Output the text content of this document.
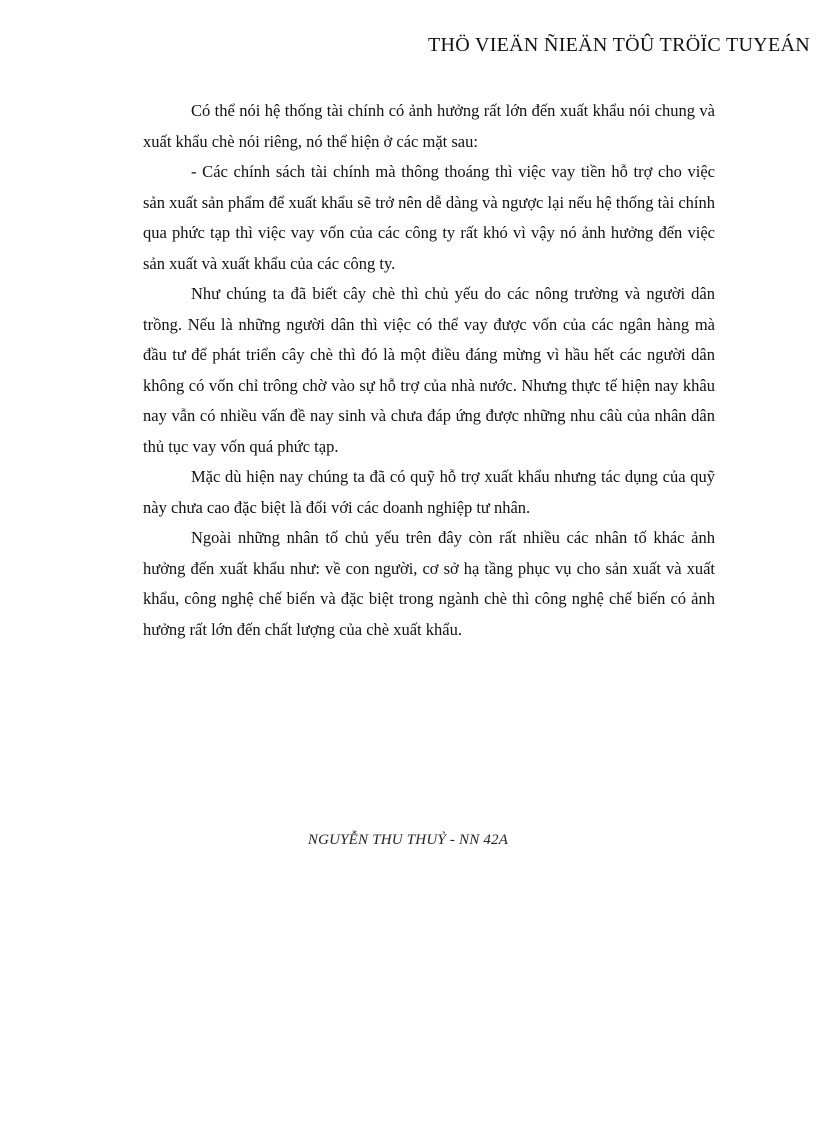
THÖ VIEÄN ÑIEÄN TÖÛ TRÖÏC TUYEÁN

Có thể nói hệ thống tài chính có ảnh hưởng rất lớn đến xuất khẩu nói chung và xuất khẩu chè nói riêng, nó thể hiện ở các mặt sau:

- Các chính sách tài chính mà thông thoáng thì việc vay tiền hỗ trợ cho việc sản xuất sản phẩm để xuất khẩu sẽ trở nên dễ dàng và ngược lại nếu hệ thống tài chính qua phức tạp thì việc vay vốn của các công ty rất khó vì vậy nó ảnh hưởng đến việc sản xuất và xuất khẩu của các công ty.

Như chúng ta đã biết cây chè thì chủ yếu do các nông trường và người dân trồng. Nếu là những người dân thì việc có thể vay được vốn của các ngân hàng mà đầu tư để phát triển cây chè thì đó là một điều đáng mừng vì hầu hết các người dân không có vốn chỉ trông chờ vào sự hỗ trợ của nhà nước. Nhưng thực tế hiện nay khâu nay vẫn có nhiều vấn đề nay sinh và chưa đáp ứng được những nhu câù của nhân dân thủ tục vay vốn quá phức tạp.

Mặc dù hiện nay chúng ta đã có quỹ hỗ trợ xuất khẩu nhưng tác dụng của quỹ này chưa cao đặc biệt là đối với các doanh nghiệp tư nhân.

Ngoài những nhân tố chủ yếu trên đây còn rất nhiều các nhân tố khác ảnh hưởng đến xuất khẩu như: về con người, cơ sở hạ tầng phục vụ cho sản xuất và xuất khẩu, công nghệ chế biến và đặc biệt trong ngành chè thì công nghệ chế biến có ảnh hưởng rất lớn đến chất lượng của chè xuất khẩu.

NGUYỄN THU THUỶ - NN 42A
